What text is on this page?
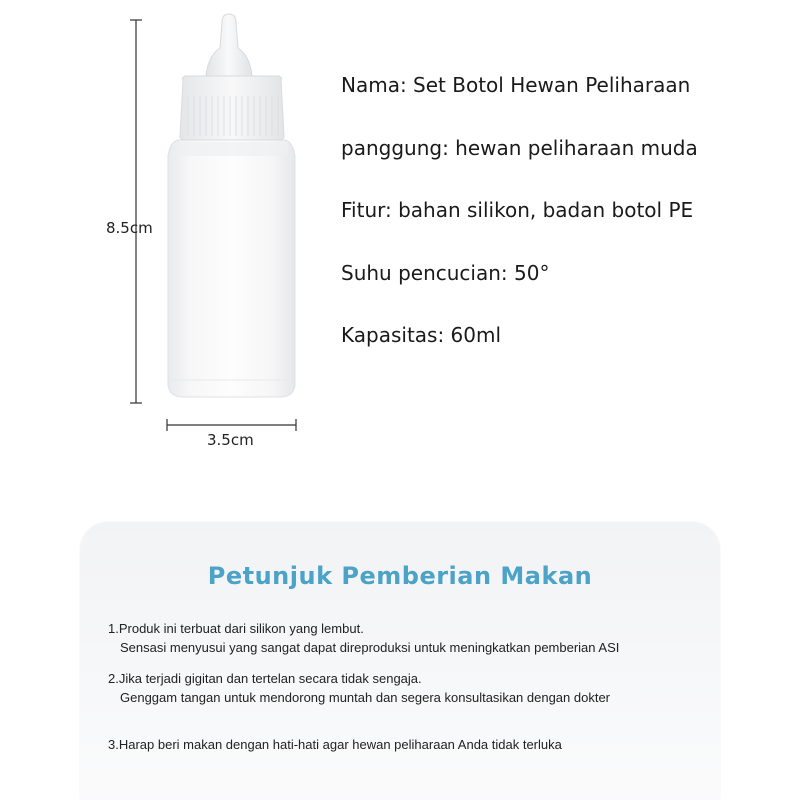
8.5cm
3.5cm
Nama: Set Botol Hewan Peliharaan
panggung: hewan peliharaan muda
Fitur: bahan silikon, badan botol PE
Suhu pencucian: 50°
Kapasitas: 60ml
Petunjuk Pemberian Makan

1.Produk ini terbuat dari silikon yang lembut.
Sensasi menyusui yang sangat dapat direproduksi untuk meningkatkan pemberian ASI

2.Jika terjadi gigitan dan tertelan secara tidak sengaja.
Genggam tangan untuk mendorong muntah dan segera konsultasikan dengan dokter

3.Harap beri makan dengan hati-hati agar hewan peliharaan Anda tidak terluka
